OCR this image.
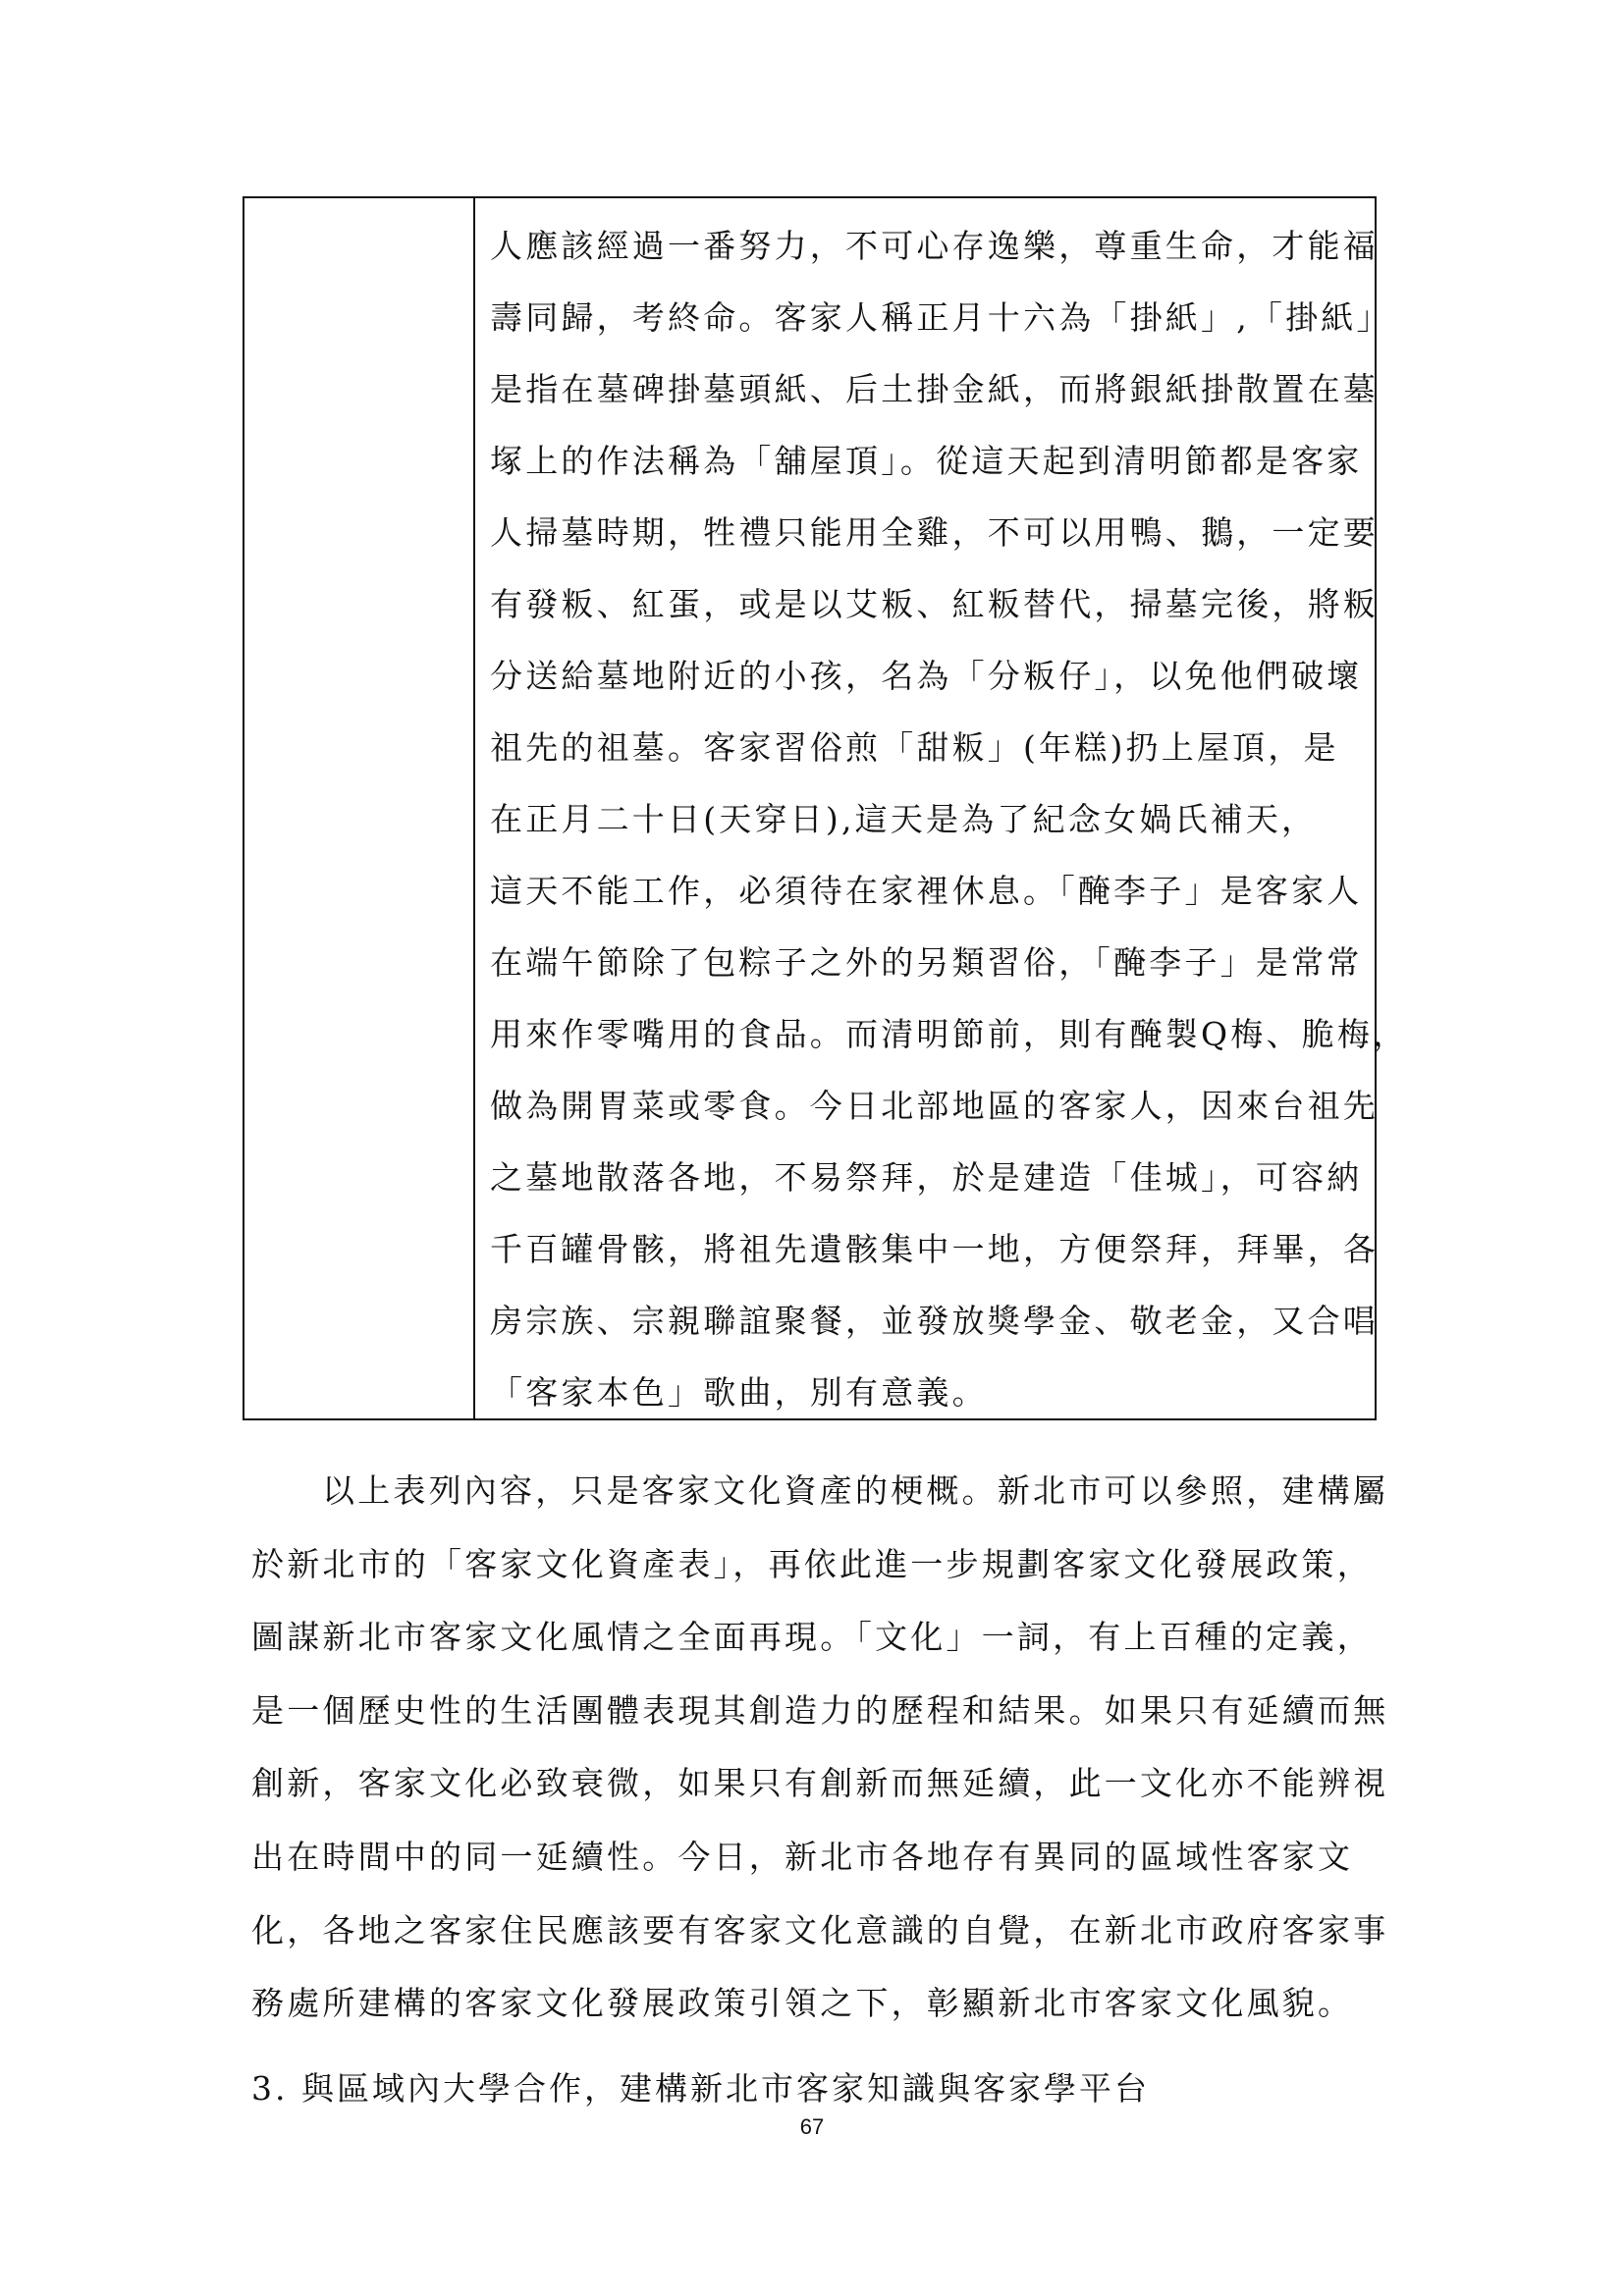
人應該經過一番努力，不可心存逸樂，尊重生命，才能福
壽同歸，考終命。客家人稱正月十六為「掛紙」,「掛紙」
是指在墓碑掛墓頭紙、后土掛金紙，而將銀紙掛散置在墓
塚上的作法稱為「舖屋頂」。從這天起到清明節都是客家
人掃墓時期，牲禮只能用全雞，不可以用鴨、鵝，一定要
有發粄、紅蛋，或是以艾粄、紅粄替代，掃墓完後，將粄
分送給墓地附近的小孩，名為「分粄仔」，以免他們破壞
祖先的祖墓。客家習俗煎「甜粄」(年糕)扔上屋頂，是
在正月二十日(天穿日),這天是為了紀念女媧氏補天，
這天不能工作，必須待在家裡休息。「醃李子」是客家人
在端午節除了包粽子之外的另類習俗，「醃李子」是常常
用來作零嘴用的食品。而清明節前，則有醃製Q梅、脆梅，
做為開胃菜或零食。今日北部地區的客家人，因來台祖先
之墓地散落各地，不易祭拜，於是建造「佳城」，可容納
千百罐骨骸，將祖先遺骸集中一地，方便祭拜，拜畢，各
房宗族、宗親聯誼聚餐，並發放獎學金、敬老金，又合唱
「客家本色」歌曲，別有意義。
以上表列內容，只是客家文化資產的梗概。新北市可以參照，建構屬
於新北市的「客家文化資產表」，再依此進一步規劃客家文化發展政策，
圖謀新北市客家文化風情之全面再現。「文化」一詞，有上百種的定義，
是一個歷史性的生活團體表現其創造力的歷程和結果。如果只有延續而無
創新，客家文化必致衰微，如果只有創新而無延續，此一文化亦不能辨視
出在時間中的同一延續性。今日，新北市各地存有異同的區域性客家文
化，各地之客家住民應該要有客家文化意識的自覺，在新北市政府客家事
務處所建構的客家文化發展政策引領之下，彰顯新北市客家文化風貌。
3. 與區域內大學合作，建構新北市客家知識與客家學平台
67
